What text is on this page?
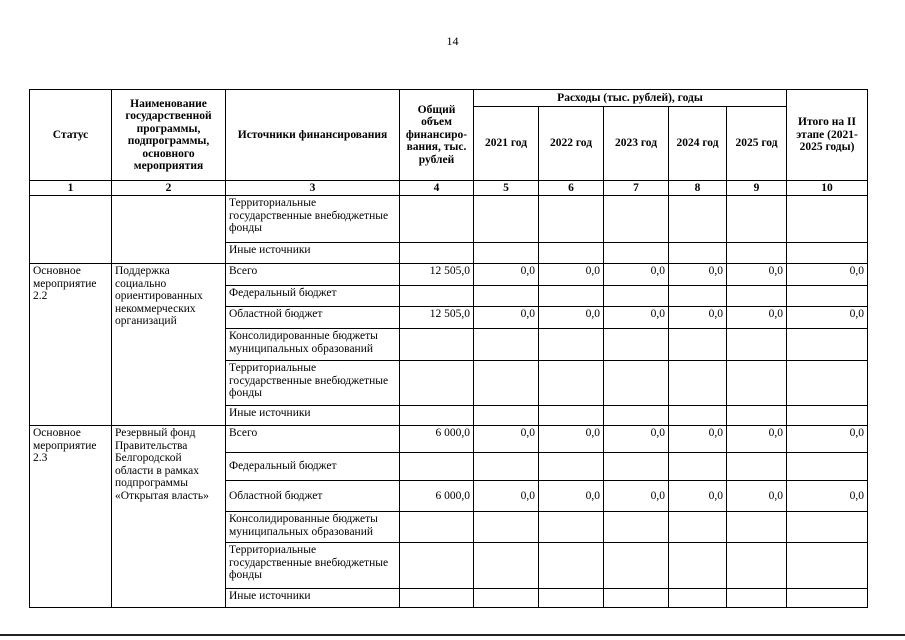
14
Статус	Наименование государственной программы, подпрограммы, основного мероприятия	Источники финансирования	Общий объем финансиро-вания, тыс. рублей	Расходы (тыс. рублей), годы					Итого на II этапе (2021-2025 годы)
				2021 год	2022 год	2023 год	2024 год	2025 год	
1	2	3	4	5	6	7	8	9	10
		Территориальные государственные внебюджетные фонды							
		Иные источники							
Основное мероприятие 2.2	Поддержка социально ориентированных некоммерческих организаций	Всего	12 505,0	0,0	0,0	0,0	0,0	0,0	0,0
		Федеральный бюджет							
		Областной бюджет	12 505,0	0,0	0,0	0,0	0,0	0,0	0,0
		Консолидированные бюджеты муниципальных образований							
		Территориальные государственные внебюджетные фонды							
		Иные источники							
Основное мероприятие 2.3	Резервный фонд Правительства Белгородской области в рамках подпрограммы «Открытая власть»	Всего	6 000,0	0,0	0,0	0,0	0,0	0,0	0,0
		Федеральный бюджет							
		Областной бюджет	6 000,0	0,0	0,0	0,0	0,0	0,0	0,0
		Консолидированные бюджеты муниципальных образований							
		Территориальные государственные внебюджетные фонды							
		Иные источники							
